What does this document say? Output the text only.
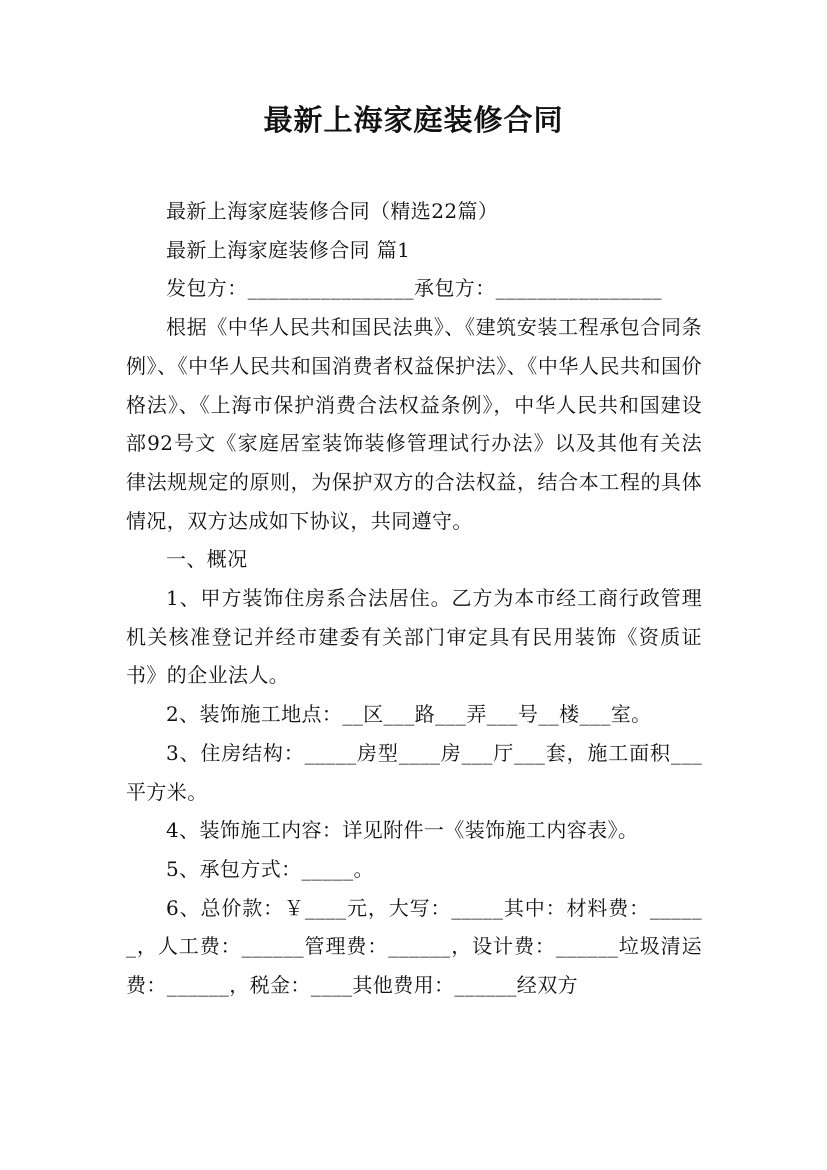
最新上海家庭装修合同

最新上海家庭装修合同（精选22篇）

最新上海家庭装修合同 篇1

发包方：________________承包方：________________

根据《中华人民共和国民法典》、《建筑安装工程承包合同条例》、《中华人民共和国消费者权益保护法》、《中华人民共和国价格法》、《上海市保护消费合法权益条例》，中华人民共和国建设部92号文《家庭居室装饰装修管理试行办法》以及其他有关法律法规规定的原则，为保护双方的合法权益，结合本工程的具体情况，双方达成如下协议，共同遵守。

一、概况

1、甲方装饰住房系合法居住。乙方为本市经工商行政管理机关核准登记并经市建委有关部门审定具有民用装饰《资质证书》的企业法人。

2、装饰施工地点：__区___路___弄___号__楼___室。

3、住房结构：_____房型____房___厅___套，施工面积___平方米。

4、装饰施工内容：详见附件一《装饰施工内容表》。

5、承包方式：_____。

6、总价款：￥____元，大写：_____其中：材料费：______，人工费：______管理费：______，设计费：______垃圾清运费：______，税金：____其他费用：______经双方
